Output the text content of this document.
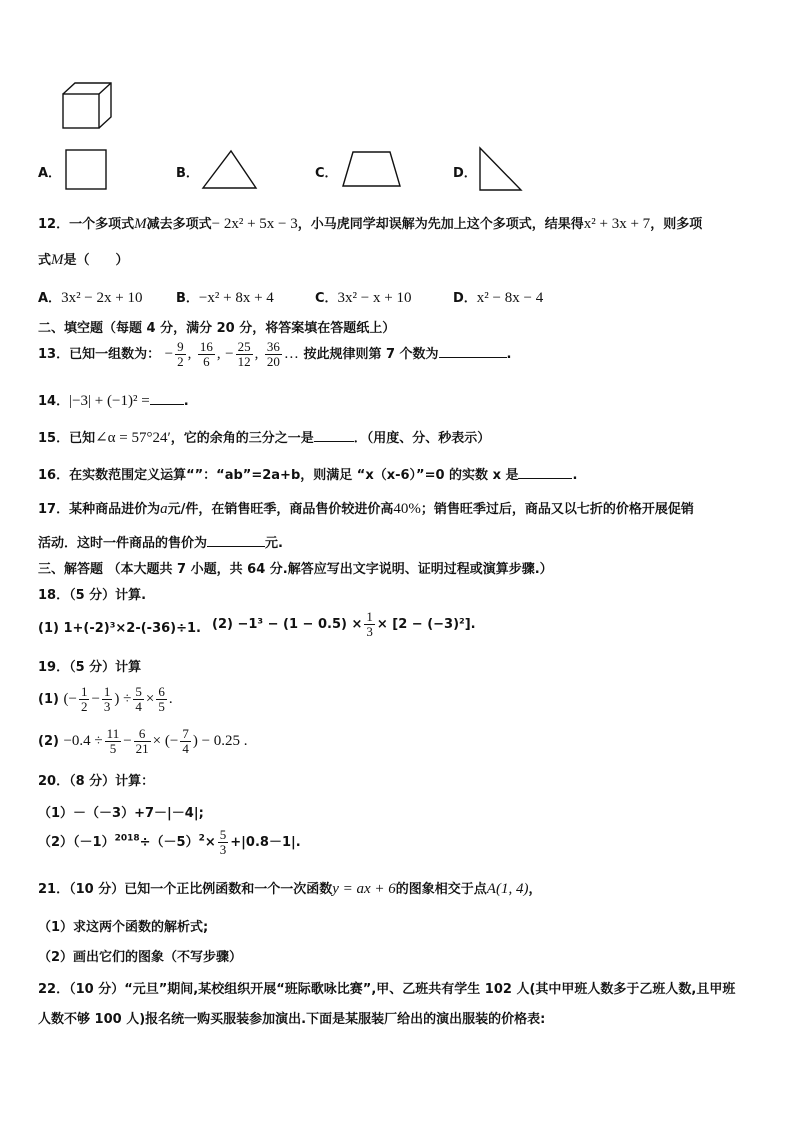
A．	B．	C．	D．
12．一个多项式M减去多项式− 2x² + 5x − 3，小马虎同学却误解为先加上这个多项式，结果得x² + 3x + 7，则多项
式M是（　　）
A．3x² − 2x + 10	B．−x² + 8x + 4	C．3x² − x + 10	D．x² − 8x − 4
二、填空题（每题 4 分，满分 20 分，将答案填在答题纸上）
13．已知一组数为： − $\frac{9}{2}$ , $\frac{16}{6}$ , − $\frac{25}{12}$ , $\frac{36}{20}$ … 按此规律则第 7 个数为	.
14．|−3| + (−1)² =	.
15．已知∠α = 57°24′，它的余角的三分之一是	．（用度、分、秒表示）
16．在实数范围定义运算“”：“ab”=2a+b，则满足 “x（x-6）”=0 的实数 x 是	.
17．某种商品进价为a元/件，在销售旺季，商品售价较进价高40%；销售旺季过后，商品又以七折的价格开展促销
活动．这时一件商品的售价为	元.
三、解答题 （本大题共 7 小题，共 64 分.解答应写出文字说明、证明过程或演算步骤.）
18．（5 分）计算.
(1) 1+(-2)³×2-(-36)÷1. $(2) -1^3 - (1 - 0.5) \times \frac{1}{3} \times [2 - (-3)^2]$.
19．（5 分）计算
(1) (− $\frac{1}{2} - \frac{1}{3}$ ) ÷ $\frac{5}{4} \times \frac{6}{5}$ .
$(2) -0.4 \div \frac{11}{5} - \frac{6}{21}$ × (− $\frac{7}{4}$ ) − 0.25 .
20．（8 分）计算：
（1）－（－3）+7－|－4|;
$(2)(-1)^{2018}\div(-5)^2\times \frac{5}{3} +|0.8-1|$.
21．（10 分）已知一个正比例函数和一个一次函数y = ax + 6的图象相交于点A(1, 4)，
（1）求这两个函数的解析式;
（2）画出它们的图象（不写步骤）
22．（10 分）“元旦”期间,某校组织开展“班际歌咏比赛”,甲、乙班共有学生 102 人(其中甲班人数多于乙班人数,且甲班
人数不够 100 人)报名统一购买服装参加演出.下面是某服装厂给出的演出服装的价格表:
